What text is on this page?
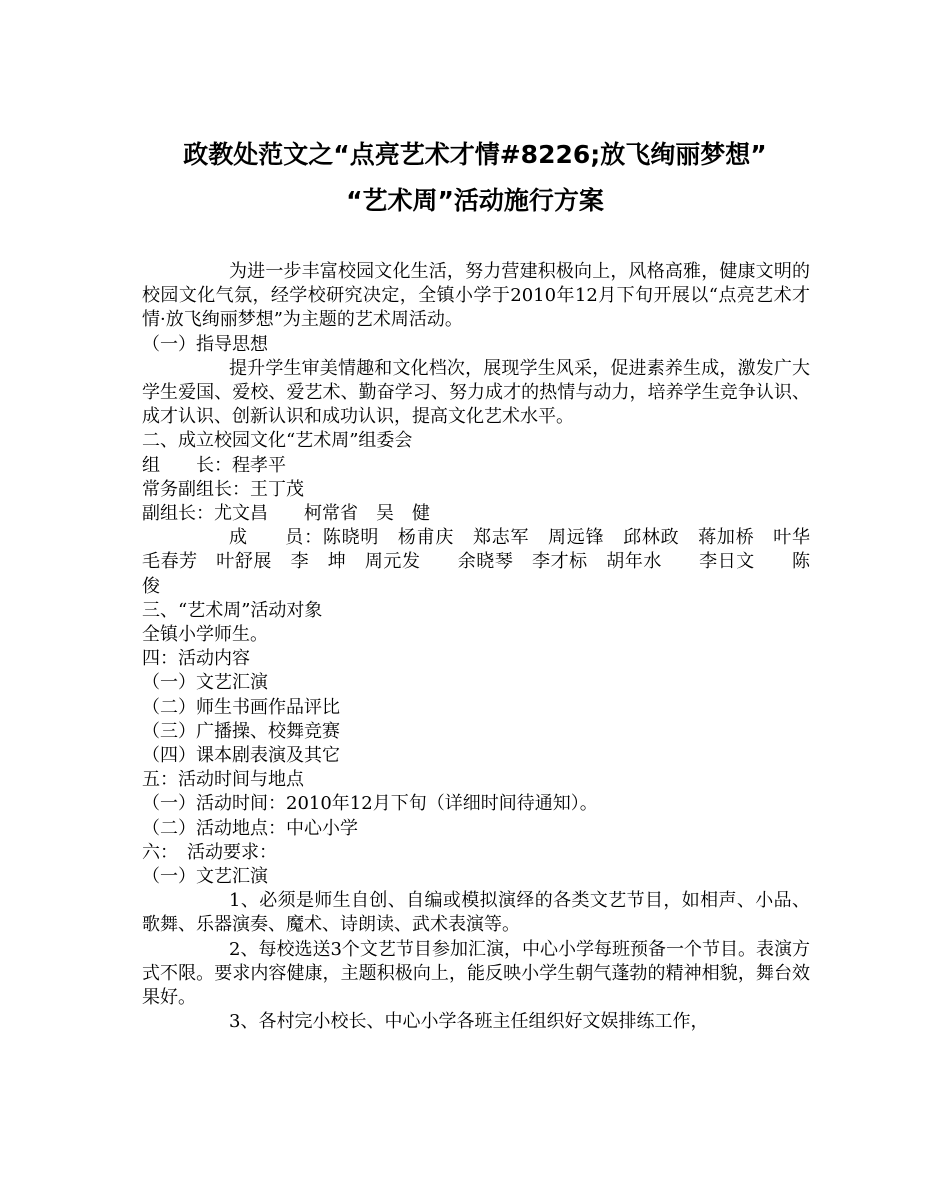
政教处范文之“点亮艺术才情#8226;放飞绚丽梦想”
“艺术周”活动施行方案

为进一步丰富校园文化生活，努力营建积极向上，风格高雅，健康文明的校园文化气氛，经学校研究决定，全镇小学于2010年12月下旬开展以“点亮艺术才情·放飞绚丽梦想”为主题的艺术周活动。

（一）指导思想

提升学生审美情趣和文化档次，展现学生风采，促进素养生成，激发广大学生爱国、爱校、爱艺术、勤奋学习、努力成才的热情与动力，培养学生竞争认识、成才认识、创新认识和成功认识，提高文化艺术水平。

二、成立校园文化“艺术周”组委会

组　　长：程孝平

常务副组长：王丁茂

副组长：尤文昌　　柯常省　吴　健

成　　员：陈晓明　杨甫庆　郑志军　周远锋　邱林政　蒋加桥　叶华　毛春芳　叶舒展　李　坤　周元发　　余晓琴　李才标　胡年水　　李日文　　陈　俊

三、“艺术周”活动对象

全镇小学师生。

四：活动内容

（一）文艺汇演

（二）师生书画作品评比

（三）广播操、校舞竞赛

（四）课本剧表演及其它

五：活动时间与地点

（一）活动时间：2010年12月下旬（详细时间待通知）。

（二）活动地点：中心小学

六：　活动要求：

（一）文艺汇演

1、必须是师生自创、自编或模拟演绎的各类文艺节目，如相声、小品、歌舞、乐器演奏、魔术、诗朗读、武术表演等。

2、每校选送3个文艺节目参加汇演，中心小学每班预备一个节目。表演方式不限。要求内容健康，主题积极向上，能反映小学生朝气蓬勃的精神相貌，舞台效果好。

3、各村完小校长、中心小学各班主任组织好文娱排练工作，
